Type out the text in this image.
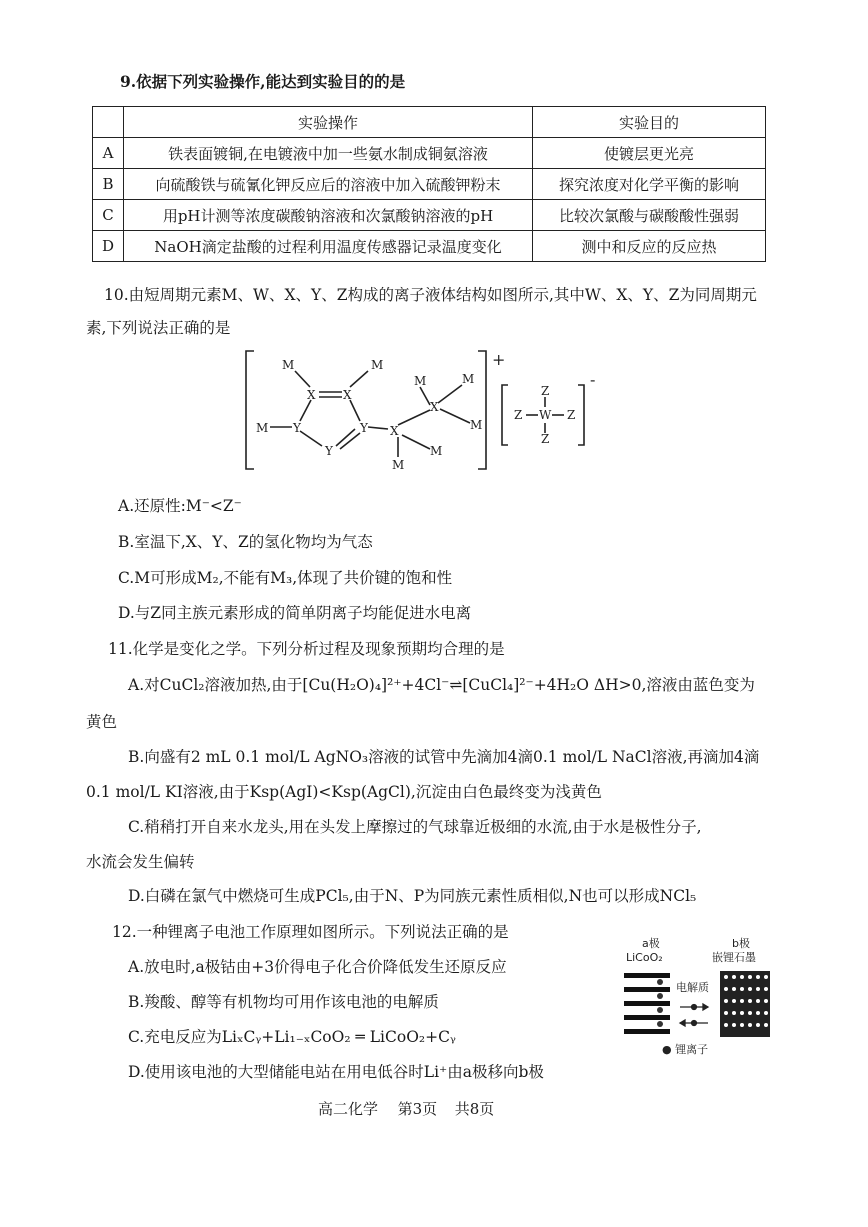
9.依据下列实验操作,能达到实验目的的是
	实验操作	实验目的
A	铁表面镀铜,在电镀液中加一些氨水制成铜氨溶液	使镀层更光亮
B	向硫酸铁与硫氰化钾反应后的溶液中加入硫酸钾粉末	探究浓度对化学平衡的影响
C	用pH计测等浓度碳酸钠溶液和次氯酸钠溶液的pH	比较次氯酸与碳酸酸性强弱
D	NaOH滴定盐酸的过程利用温度传感器记录温度变化	测中和反应的反应热
10.由短周期元素M、W、X、Y、Z构成的离子液体结构如图所示,其中W、X、Y、Z为同周期元
素,下列说法正确的是
M	M
X X
M Y	Y
Y
X
M
M
X
M	M
M
+
Z
Z W Z
Z
-
A.还原性:M⁻<Z⁻
B.室温下,X、Y、Z的氢化物均为气态
C.M可形成M₂,不能有M₃,体现了共价键的饱和性
D.与Z同主族元素形成的简单阴离子均能促进水电离
11.化学是变化之学。下列分析过程及现象预期均合理的是
A.对CuCl₂溶液加热,由于[Cu(H₂O)₄]²⁺+4Cl⁻⇌[CuCl₄]²⁻+4H₂O ΔH>0,溶液由蓝色变为
黄色
B.向盛有2 mL 0.1 mol/L AgNO₃溶液的试管中先滴加4滴0.1 mol/L NaCl溶液,再滴加4滴
0.1 mol/L KI溶液,由于Ksp(AgI)<Ksp(AgCl),沉淀由白色最终变为浅黄色
C.稍稍打开自来水龙头,用在头发上摩擦过的气球靠近极细的水流,由于水是极性分子,
水流会发生偏转
D.白磷在氯气中燃烧可生成PCl₅,由于N、P为同族元素性质相似,N也可以形成NCl₅
12.一种锂离子电池工作原理如图所示。下列说法正确的是
A.放电时,a极钴由+3价得电子化合价降低发生还原反应
B.羧酸、醇等有机物均可用作该电池的电解质
C.充电反应为LiₓCᵧ+Li₁₋ₓCoO₂ ═ LiCoO₂+Cᵧ
D.使用该电池的大型储能电站在用电低谷时Li⁺由a极移向b极
a极
LiCoO₂
b极
嵌锂石墨
电解质
● 锂离子
高二化学 第3页 共8页
